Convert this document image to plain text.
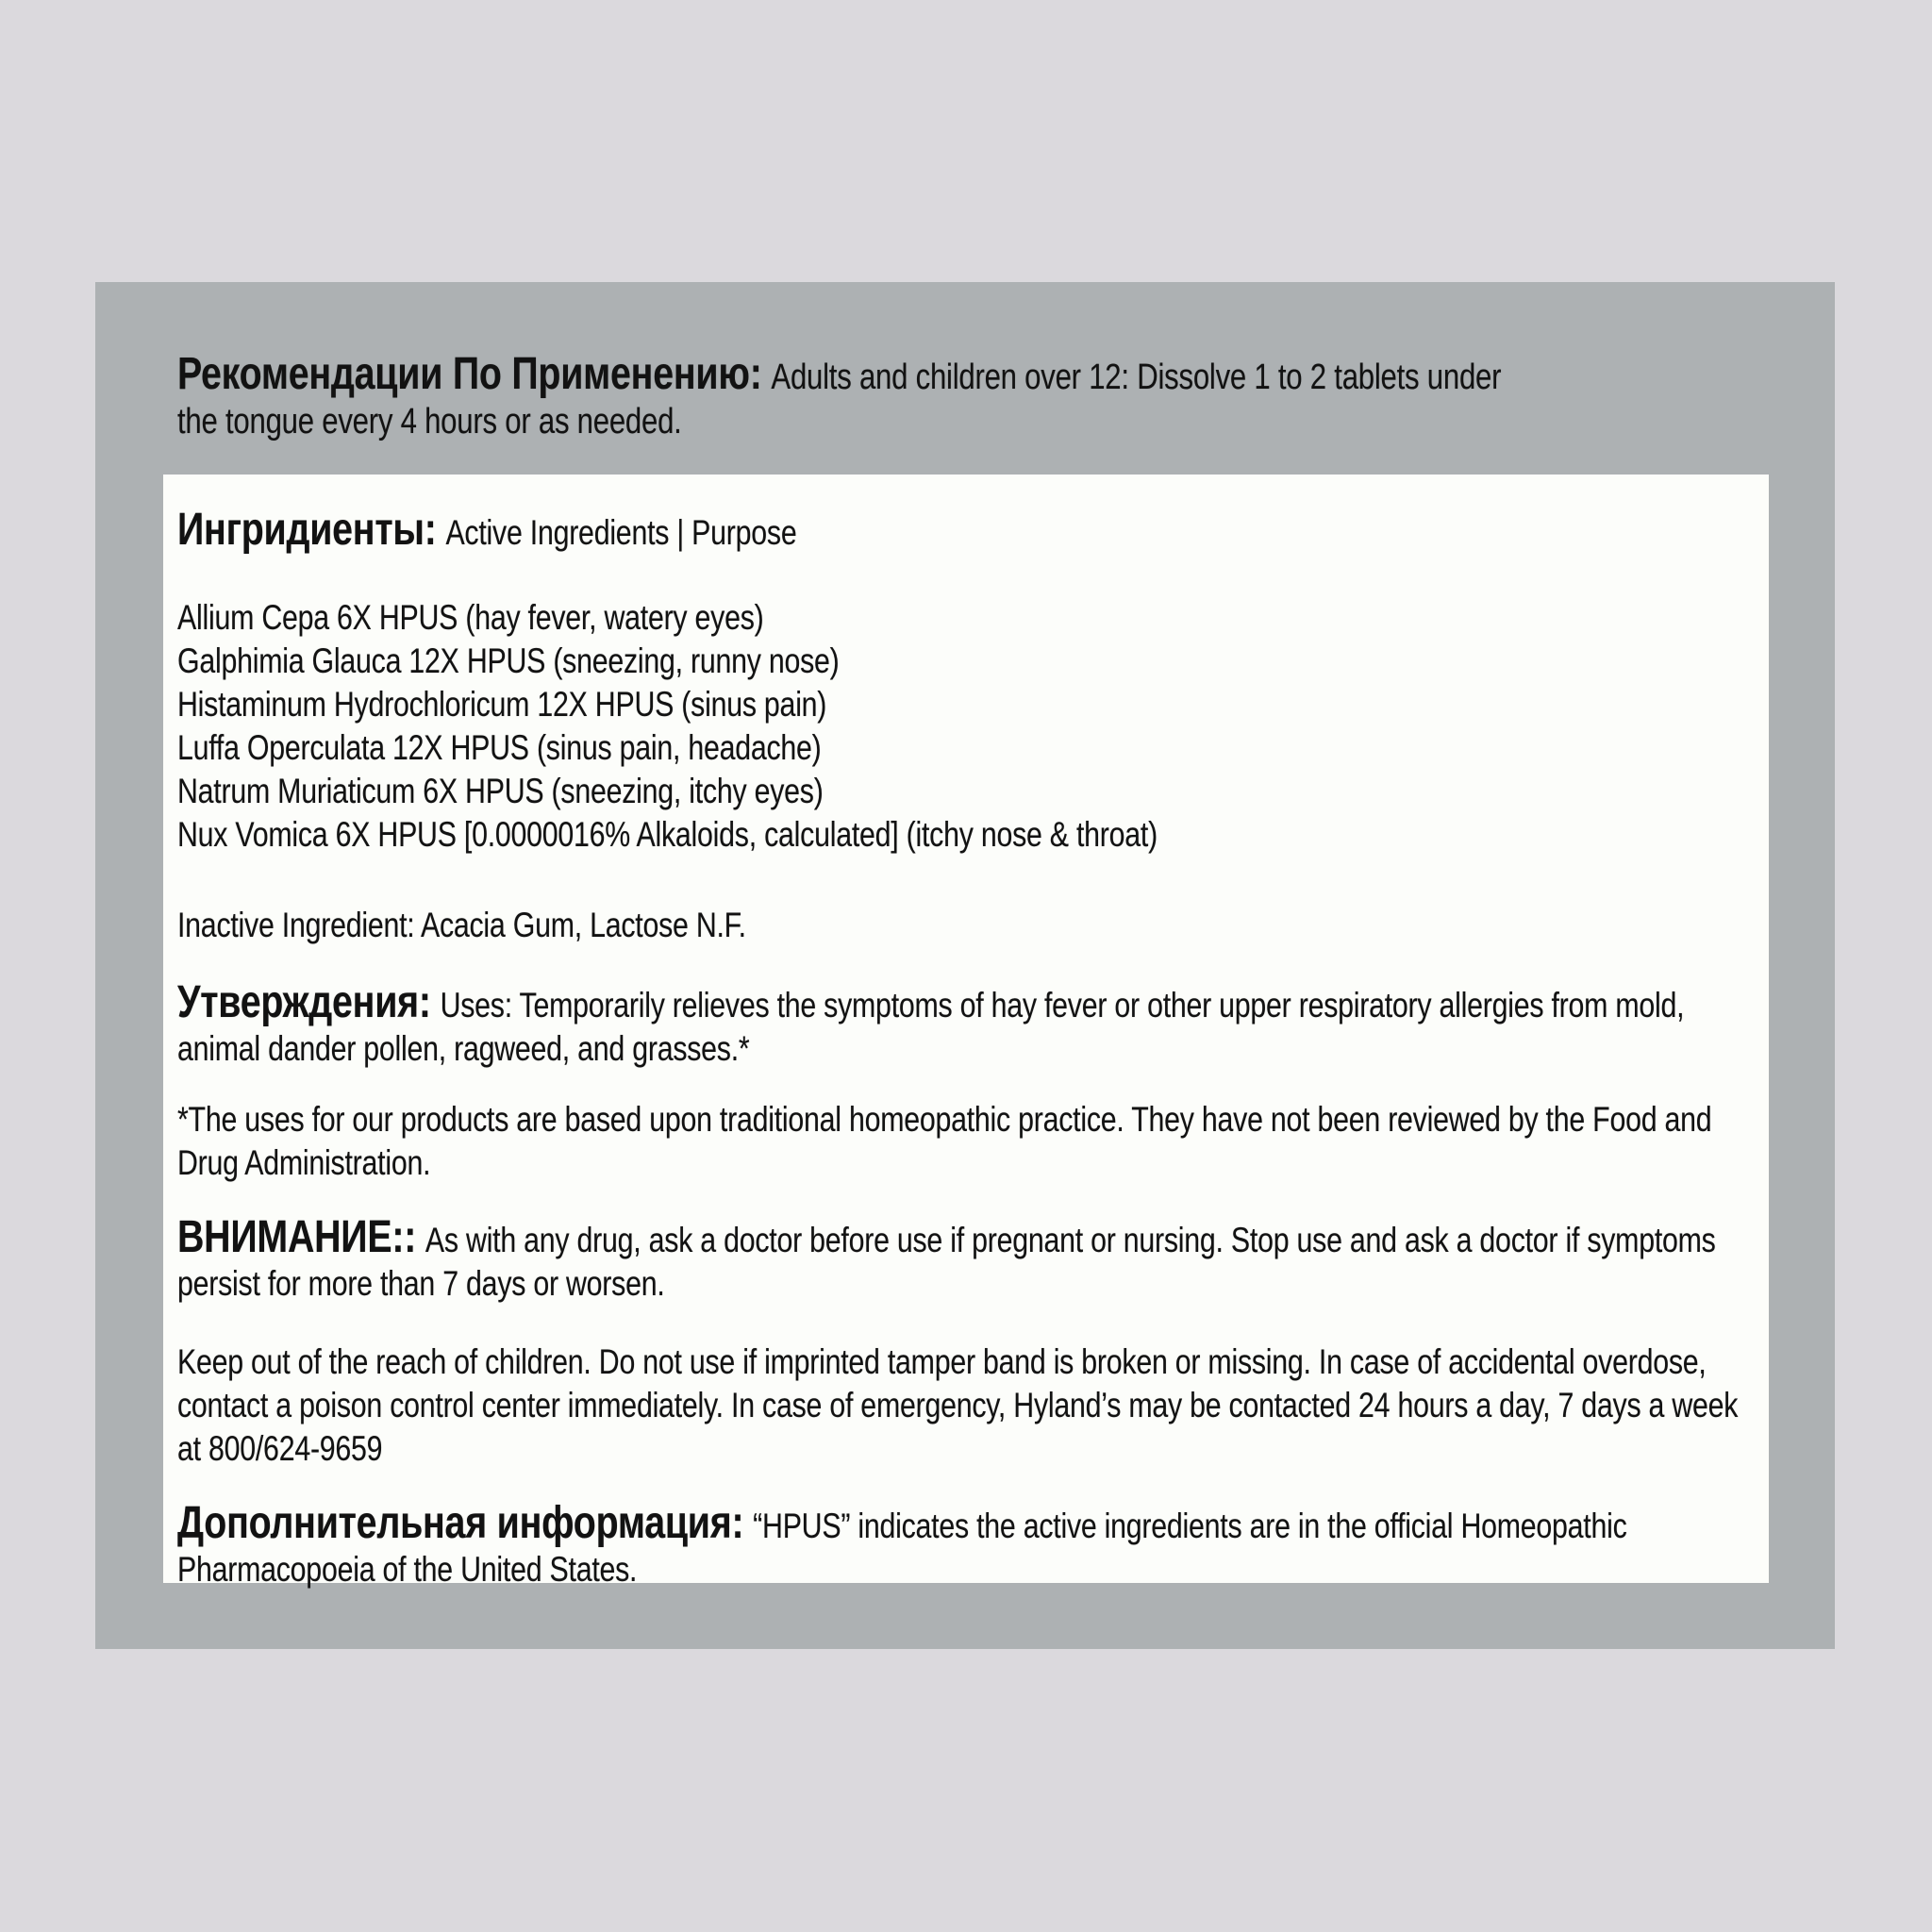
Рекомендации По Применению: Adults and children over 12: Dissolve 1 to 2 tablets under
the tongue every 4 hours or as needed.
Ингридиенты: Active Ingredients | Purpose
Allium Cepa 6X HPUS (hay fever, watery eyes)
Galphimia Glauca 12X HPUS (sneezing, runny nose)
Histaminum Hydrochloricum 12X HPUS (sinus pain)
Luffa Operculata 12X HPUS (sinus pain, headache)
Natrum Muriaticum 6X HPUS (sneezing, itchy eyes)
Nux Vomica 6X HPUS [0.0000016% Alkaloids, calculated] (itchy nose & throat)
Inactive Ingredient: Acacia Gum, Lactose N.F.
Утверждения: Uses: Temporarily relieves the symptoms of hay fever or other upper respiratory allergies from mold, animal dander pollen, ragweed, and grasses.*
*The uses for our products are based upon traditional homeopathic practice. They have not been reviewed by the Food and Drug Administration.
ВНИМАНИЕ:: As with any drug, ask a doctor before use if pregnant or nursing. Stop use and ask a doctor if symptoms persist for more than 7 days or worsen.
Keep out of the reach of children. Do not use if imprinted tamper band is broken or missing. In case of accidental overdose, contact a poison control center immediately. In case of emergency, Hyland’s may be contacted 24 hours a day, 7 days a week at 800/624-9659
Дополнительная информация: “HPUS” indicates the active ingredients are in the official Homeopathic Pharmacopoeia of the United States.
